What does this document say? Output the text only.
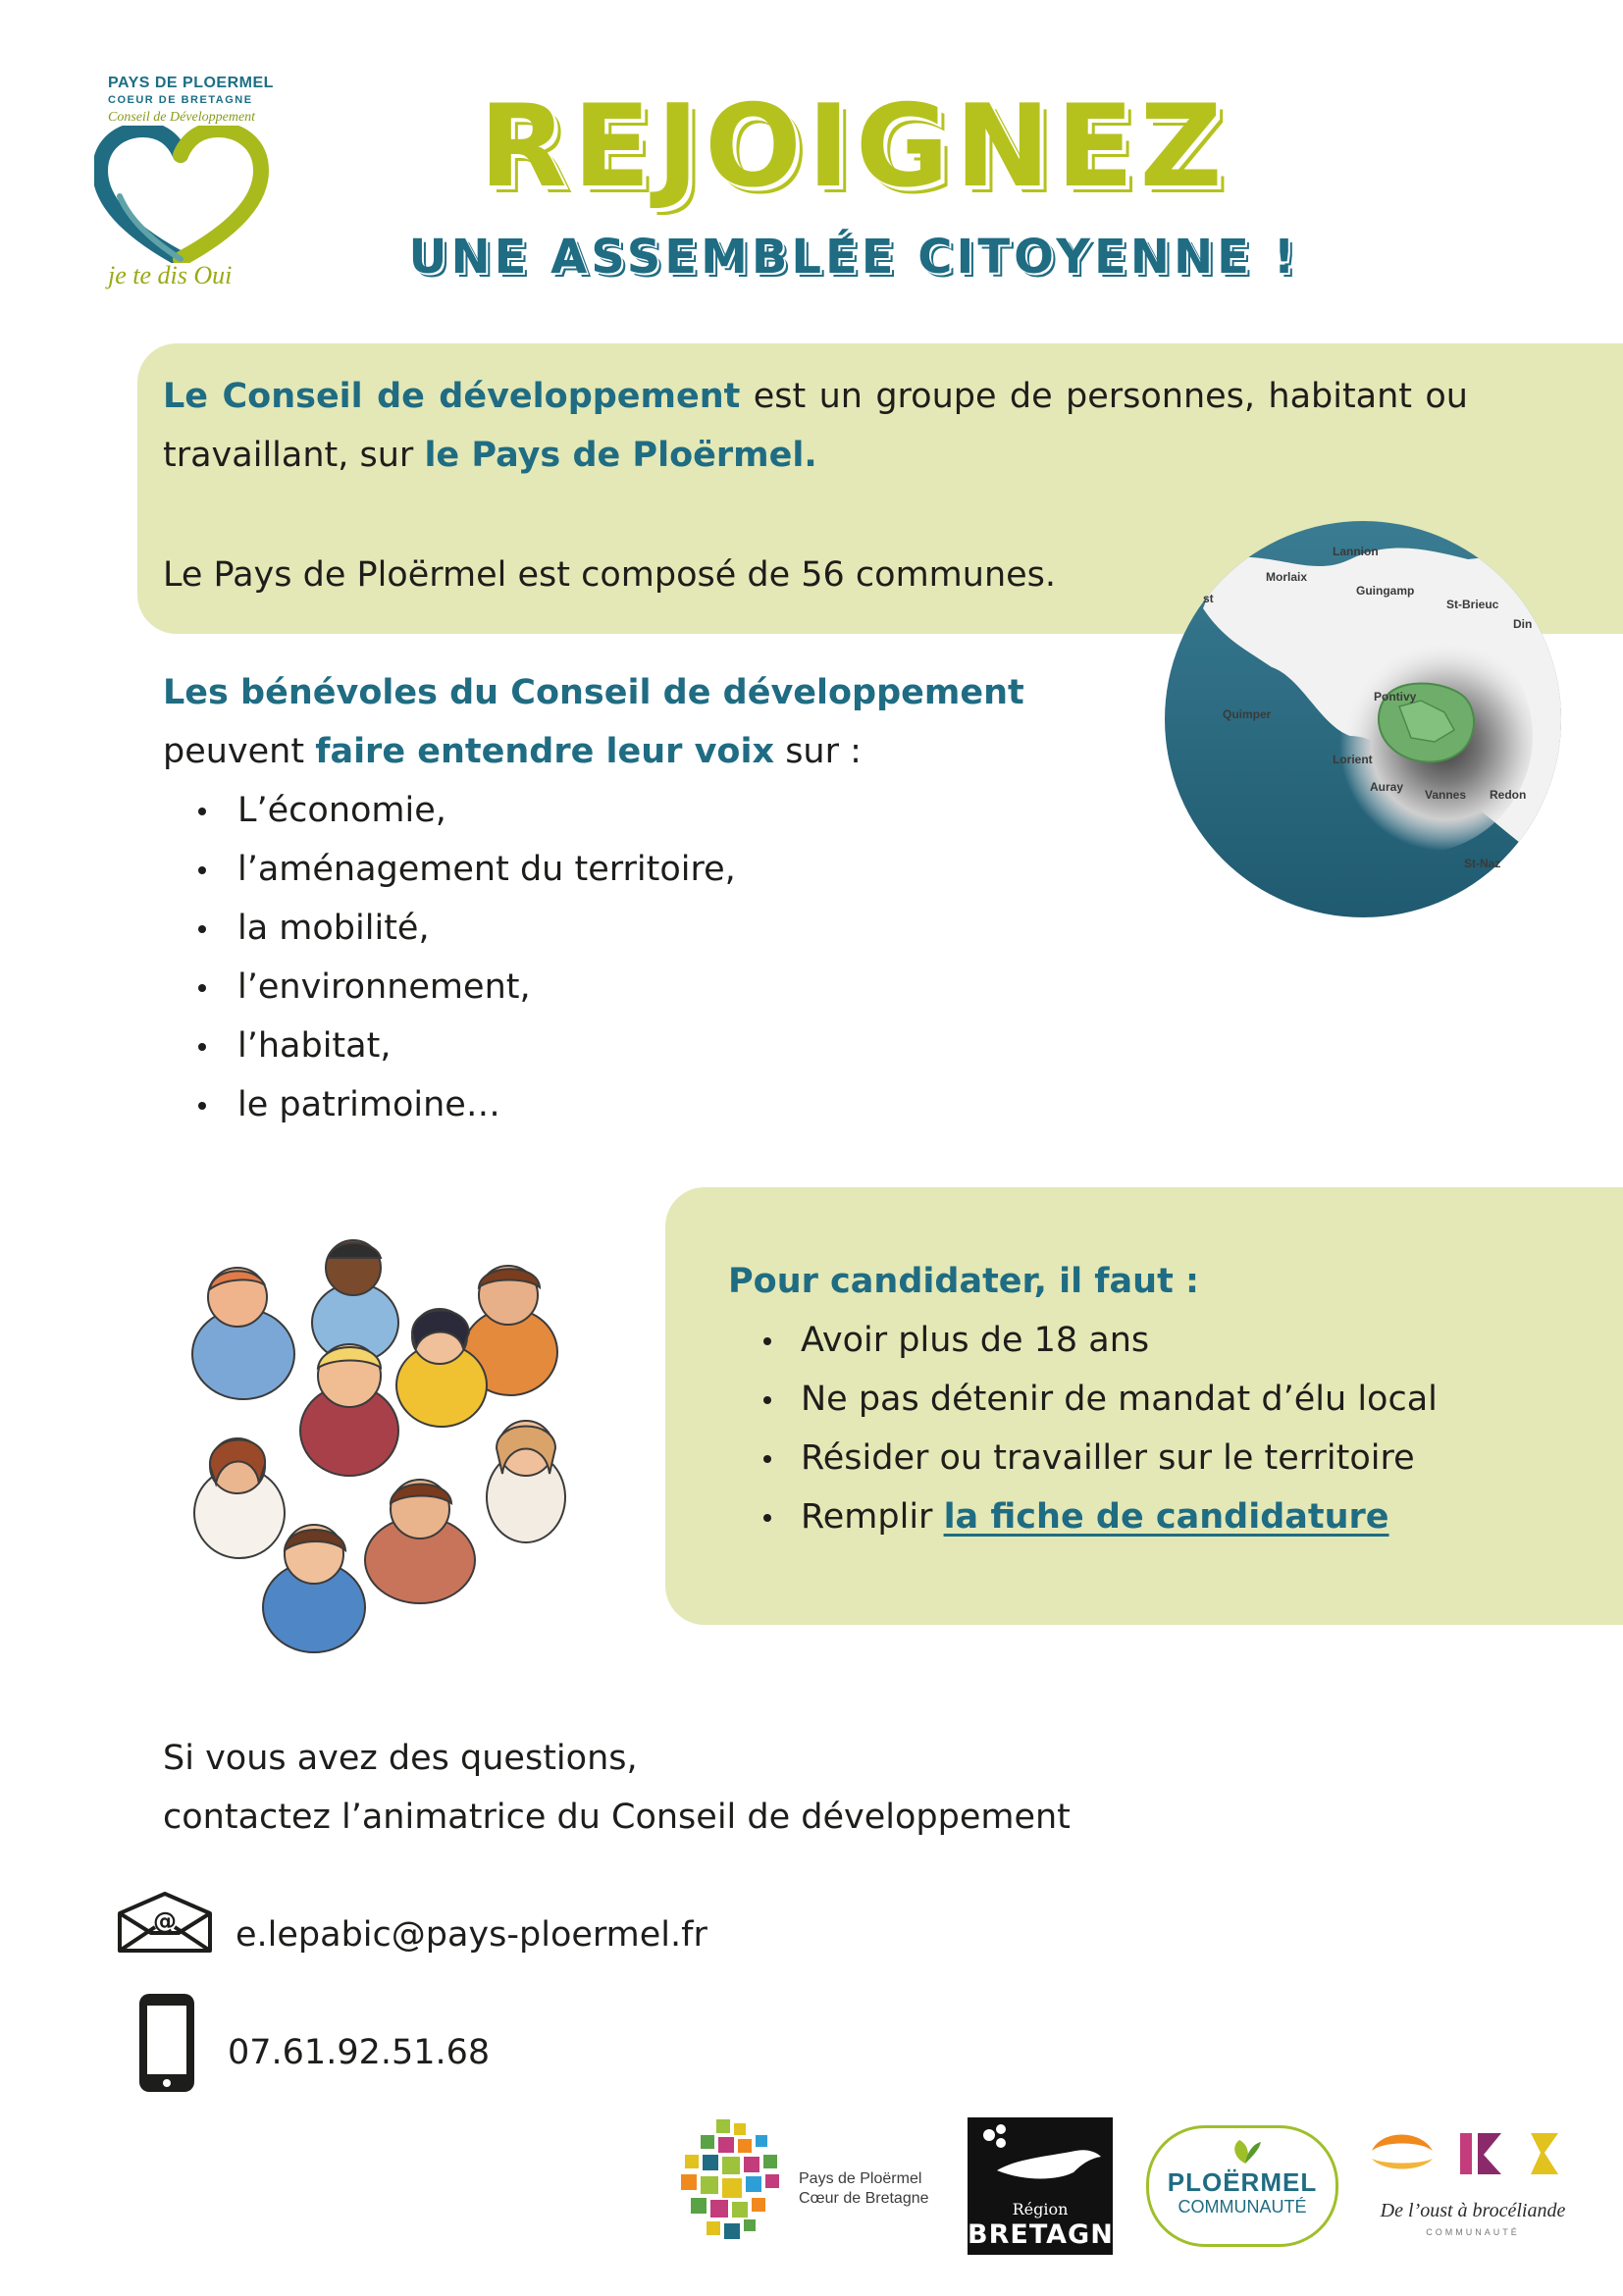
PAYS DE PLOERMEL
COEUR DE BRETAGNE
Conseil de Développement
je te dis Oui
REJOIGNEZ
UNE ASSEMBLÉE CITOYENNE !

Le Conseil de développement est un groupe de personnes, habitant ou travaillant, sur le Pays de Ploërmel.

Le Pays de Ploërmel est composé de 56 communes.

Lannion
Morlaix
Guingamp
St-Brieuc
Din
st
Quimper
Pontivy
Lorient
Auray
Vannes Redon
St-Naz

Les bénévoles du Conseil de développement

peuvent faire entendre leur voix sur :

L’économie,
l’aménagement du territoire,
la mobilité,
l’environnement,
l’habitat,
le patrimoine…

Pour candidater, il faut :

Avoir plus de 18 ans
Ne pas détenir de mandat d’élu local
Résider ou travailler sur le territoire
Remplir la fiche de candidature

Si vous avez des questions,

contactez l’animatrice du Conseil de développement

@ e.lepabic@pays-ploermel.fr
07.61.92.51.68
Pays de Ploërmel
Cœur de Bretagne
Région
BRETAGNE
PLOËRMEL
COMMUNAUTÉ	De l’oust à brocéliande
COMMUNAUTÉ
